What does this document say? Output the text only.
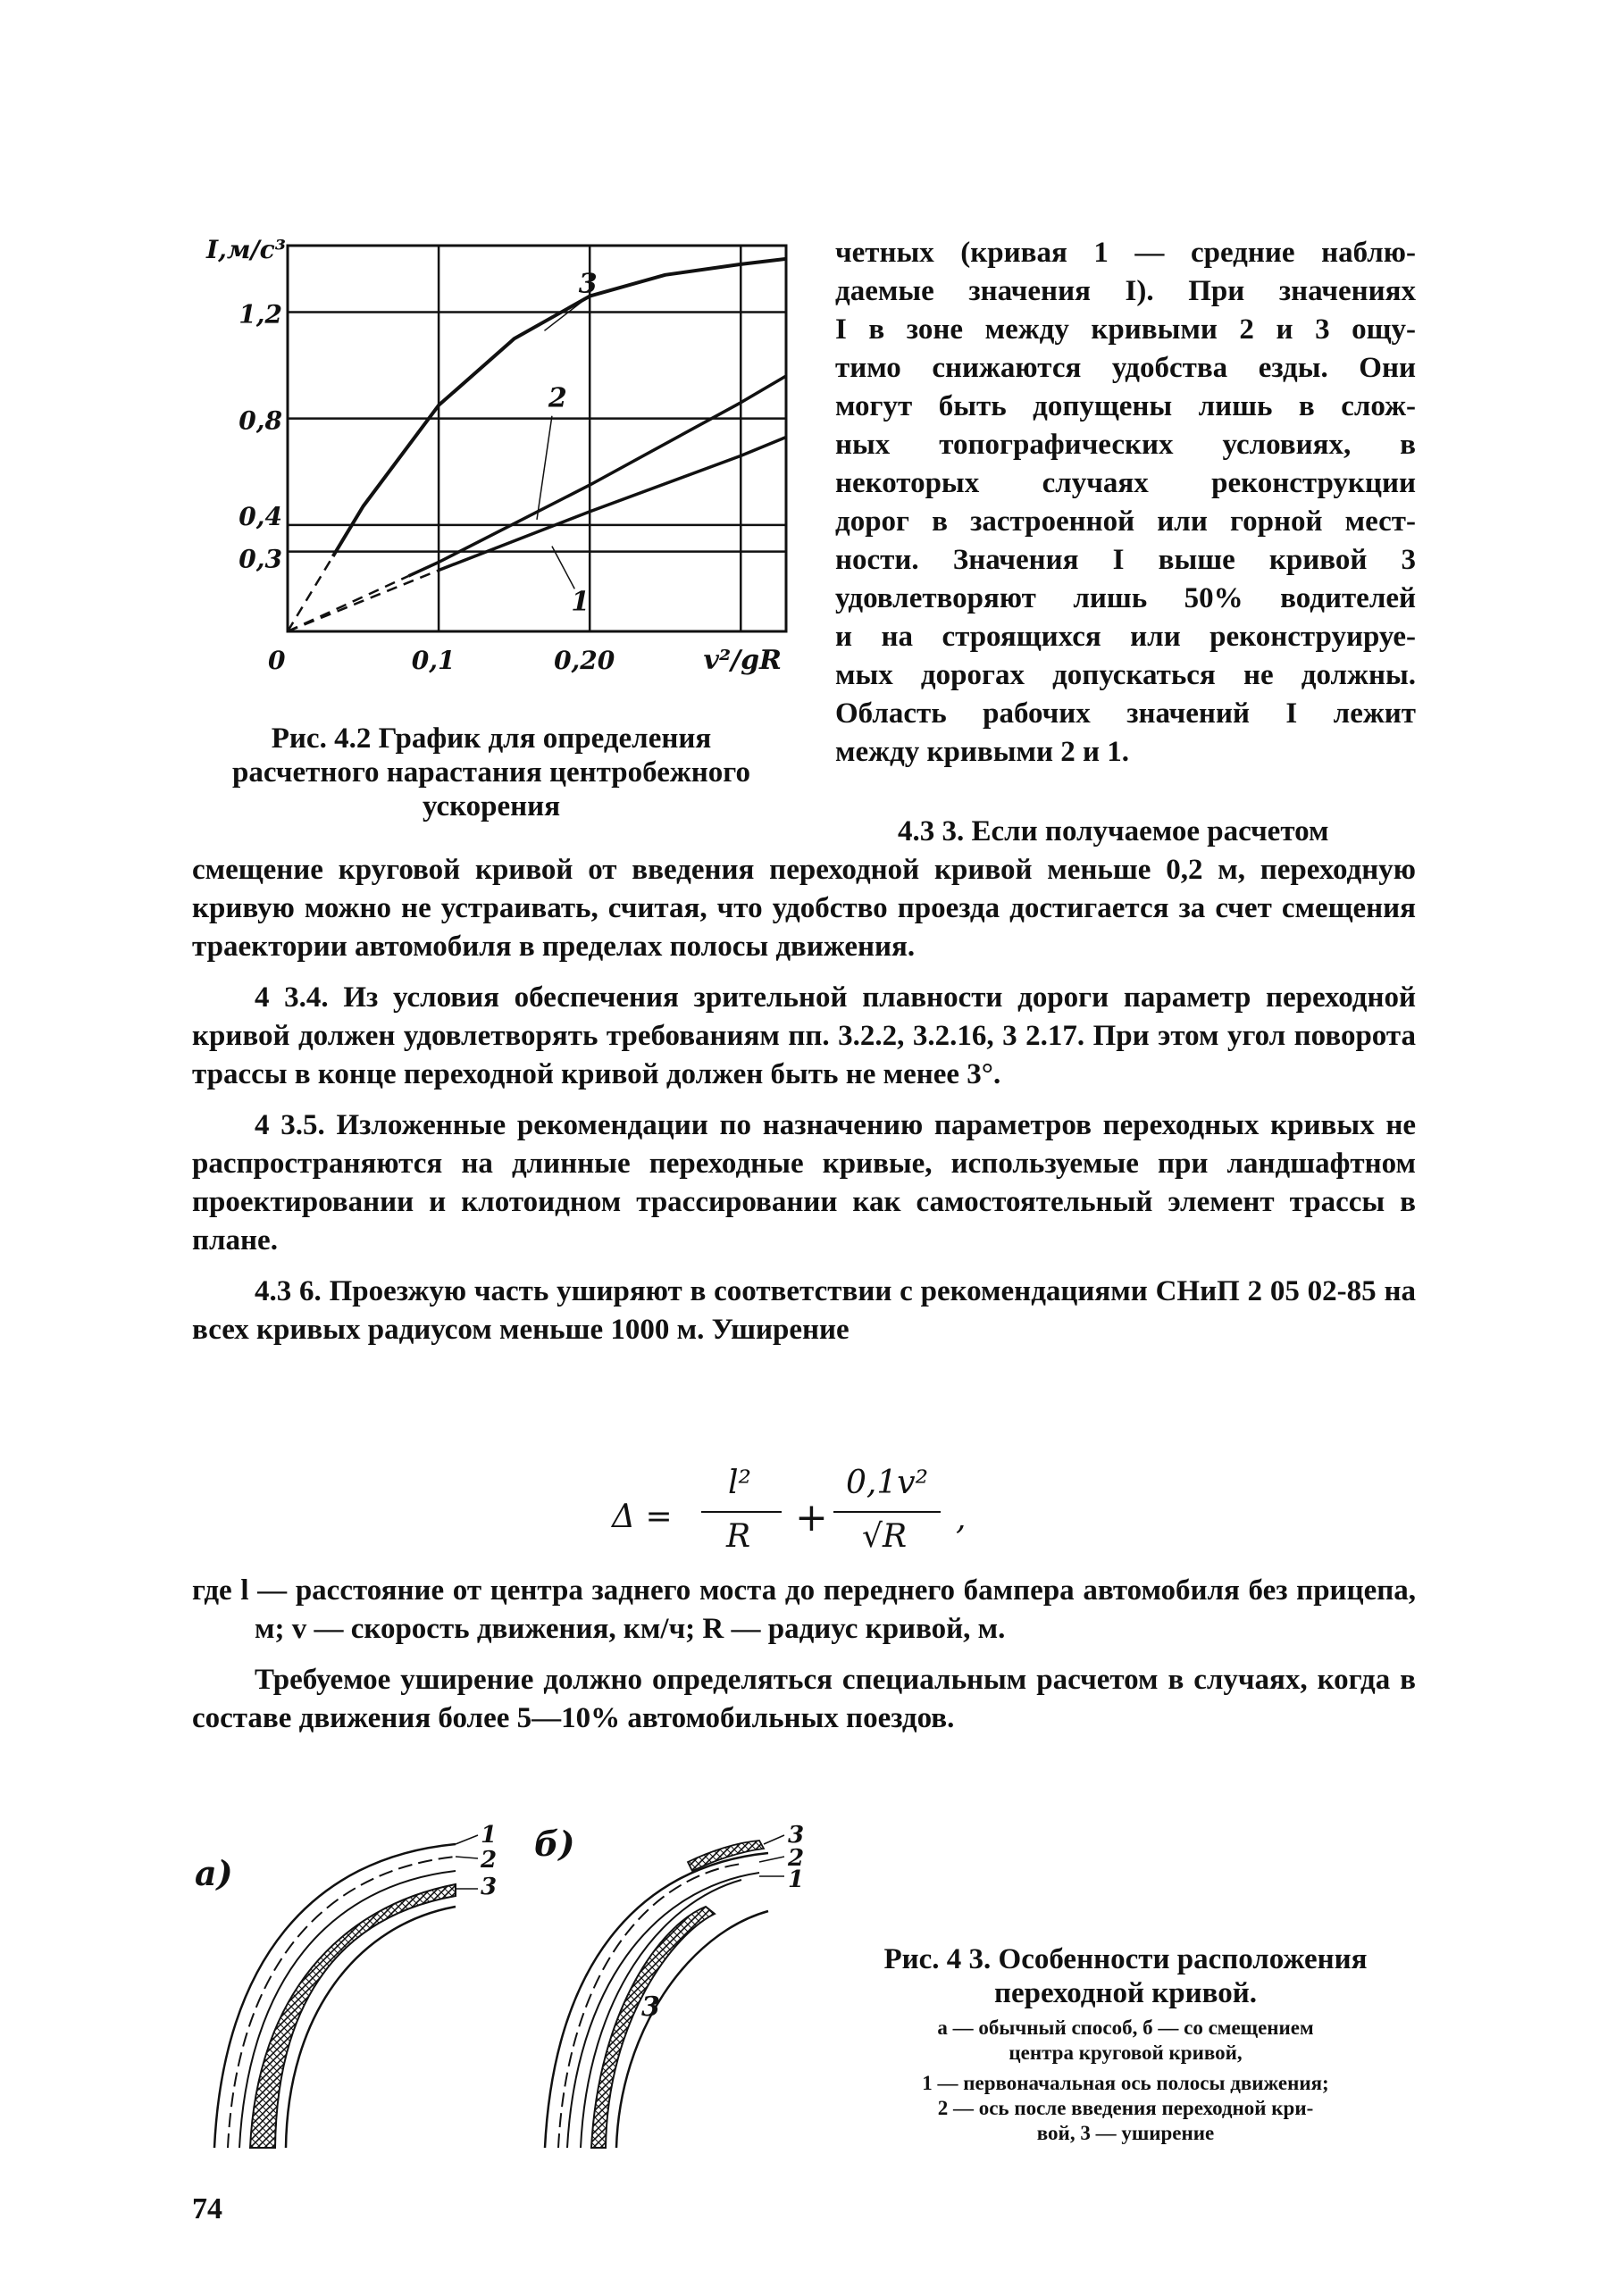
1
2
3
0,3
0,4
0,8
1,2
0	0,1	0,20	v²/gR
I,м/с³
Рис. 4.2 График для определения
расчетного нарастания центробежного
ускорения
четных (кривая 1 — средние наблю-
даемые значения I). При значениях
I в зоне между кривыми 2 и 3 ощу-
тимо снижаются удобства езды. Они
могут быть допущены лишь в слож-
ных топографических условиях, в
некоторых случаях реконструкции
дорог в застроенной или горной мест-
ности. Значения I выше кривой 3
удовлетворяют лишь 50% водителей
и на строящихся или реконструируе-
мых дорогах допускаться не должны.
Область рабочих значений I лежит
между кривыми 2 и 1.
4.3 3. Если получаемое расчетом

смещение круговой кривой от введения переходной кривой меньше 0,2 м, переходную кривую можно не устраивать, считая, что удобство проезда достигается за счет смещения траектории автомобиля в пределах полосы движения.

4 3.4. Из условия обеспечения зрительной плавности дороги параметр переходной кривой должен удовлетворять требованиям пп. 3.2.2, 3.2.16, 3 2.17. При этом угол поворота трассы в конце переходной кривой должен быть не менее 3°.

4 3.5. Изложенные рекомендации по назначению параметров переходных кривых не распространяются на длинные переходные кривые, используемые при ландшафтном проектировании и клотоидном трассировании как самостоятельный элемент трассы в плане.

4.3 6. Проезжую часть уширяют в соответствии с рекомендациями СНиП 2 05 02-85 на всех кривых радиусом меньше 1000 м. Уширение

Δ =
l²
R +
0,1v²
√R ,

где l — расстояние от центра заднего моста до переднего бампера автомобиля без прицепа, м; v — скорость движения, км/ч; R — радиус кривой, м.

Требуемое уширение должно определяться специальным расчетом в случаях, когда в составе движения более 5—10% автомобильных поездов.

а)
б)
1
2
3
3
2
1
3
Рис. 4 3. Особенности расположения
переходной кривой.
а — обычный способ, б — со смещением
центра круговой кривой,
1 — первоначальная ось полосы движения;
2 — ось после введения переходной кри-
вой, 3 — уширение
74
